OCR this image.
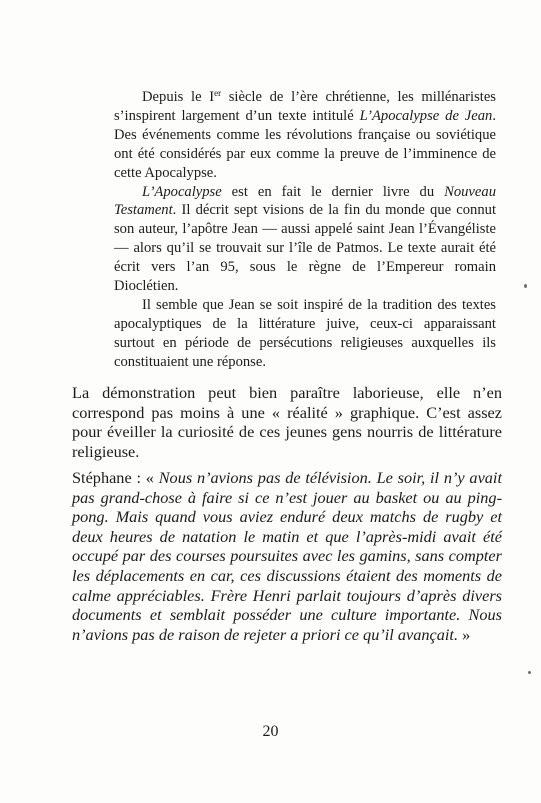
Depuis le Ier siècle de l’ère chrétienne, les millénaristes s’inspirent largement d’un texte intitulé L’Apocalypse de Jean. Des événements comme les révolutions française ou soviétique ont été considérés par eux comme la preuve de l’imminence de cette Apocalypse.

L’Apocalypse est en fait le dernier livre du Nouveau Testament. Il décrit sept visions de la fin du monde que connut son auteur, l’apôtre Jean — aussi appelé saint Jean l’Évangéliste — alors qu’il se trouvait sur l’île de Patmos. Le texte aurait été écrit vers l’an 95, sous le règne de l’Empereur romain Dioclétien.

Il semble que Jean se soit inspiré de la tradition des textes apocalyptiques de la littérature juive, ceux-ci apparaissant surtout en période de persécutions religieuses auxquelles ils constituaient une réponse.

La démonstration peut bien paraître laborieuse, elle n’en correspond pas moins à une « réalité » graphique. C’est assez pour éveiller la curiosité de ces jeunes gens nourris de littérature religieuse.

Stéphane : « Nous n’avions pas de télévision. Le soir, il n’y avait pas grand-chose à faire si ce n’est jouer au basket ou au ping-pong. Mais quand vous aviez enduré deux matchs de rugby et deux heures de natation le matin et que l’après-midi avait été occupé par des courses poursuites avec les gamins, sans compter les déplacements en car, ces discussions étaient des moments de calme appréciables. Frère Henri parlait toujours d’après divers documents et semblait posséder une culture importante. Nous n’avions pas de raison de rejeter a priori ce qu’il avançait. »

20
